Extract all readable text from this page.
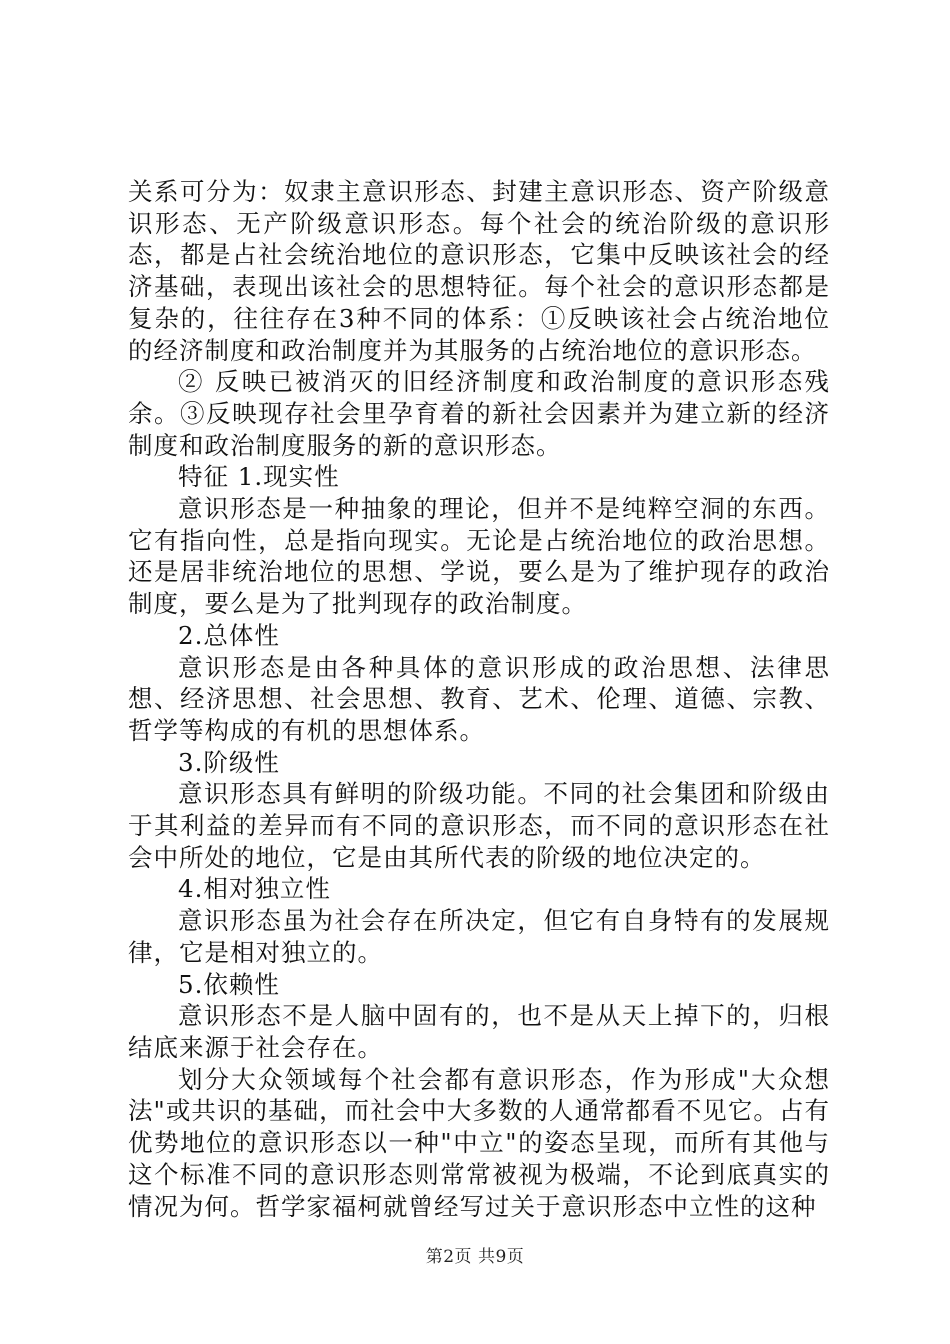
关系可分为：奴隶主意识形态、封建主意识形态、资产阶级意识形态、无产阶级意识形态。每个社会的统治阶级的意识形态，都是占社会统治地位的意识形态，它集中反映该社会的经济基础，表现出该社会的思想特征。每个社会的意识形态都是复杂的，往往存在3种不同的体系：①反映该社会占统治地位的经济制度和政治制度并为其服务的占统治地位的意识形态。

② 反映已被消灭的旧经济制度和政治制度的意识形态残余。③反映现存社会里孕育着的新社会因素并为建立新的经济制度和政治制度服务的新的意识形态。

特征 1.现实性

意识形态是一种抽象的理论，但并不是纯粹空洞的东西。它有指向性，总是指向现实。无论是占统治地位的政治思想。还是居非统治地位的思想、学说，要么是为了维护现存的政治制度，要么是为了批判现存的政治制度。

2.总体性

意识形态是由各种具体的意识形成的政治思想、法律思想、经济思想、社会思想、教育、艺术、伦理、道德、宗教、哲学等构成的有机的思想体系。

3.阶级性

意识形态具有鲜明的阶级功能。不同的社会集团和阶级由于其利益的差异而有不同的意识形态，而不同的意识形态在社会中所处的地位，它是由其所代表的阶级的地位决定的。

4.相对独立性

意识形态虽为社会存在所决定，但它有自身特有的发展规律，它是相对独立的。

5.依赖性

意识形态不是人脑中固有的，也不是从天上掉下的，归根结底来源于社会存在。

划分大众领域每个社会都有意识形态，作为形成"大众想法"或共识的基础，而社会中大多数的人通常都看不见它。占有优势地位的意识形态以一种"中立"的姿态呈现，而所有其他与这个标准不同的意识形态则常常被视为极端，不论到底真实的情况为何。哲学家福柯就曾经写过关于意识形态中立性的这种

第2页 共9页
